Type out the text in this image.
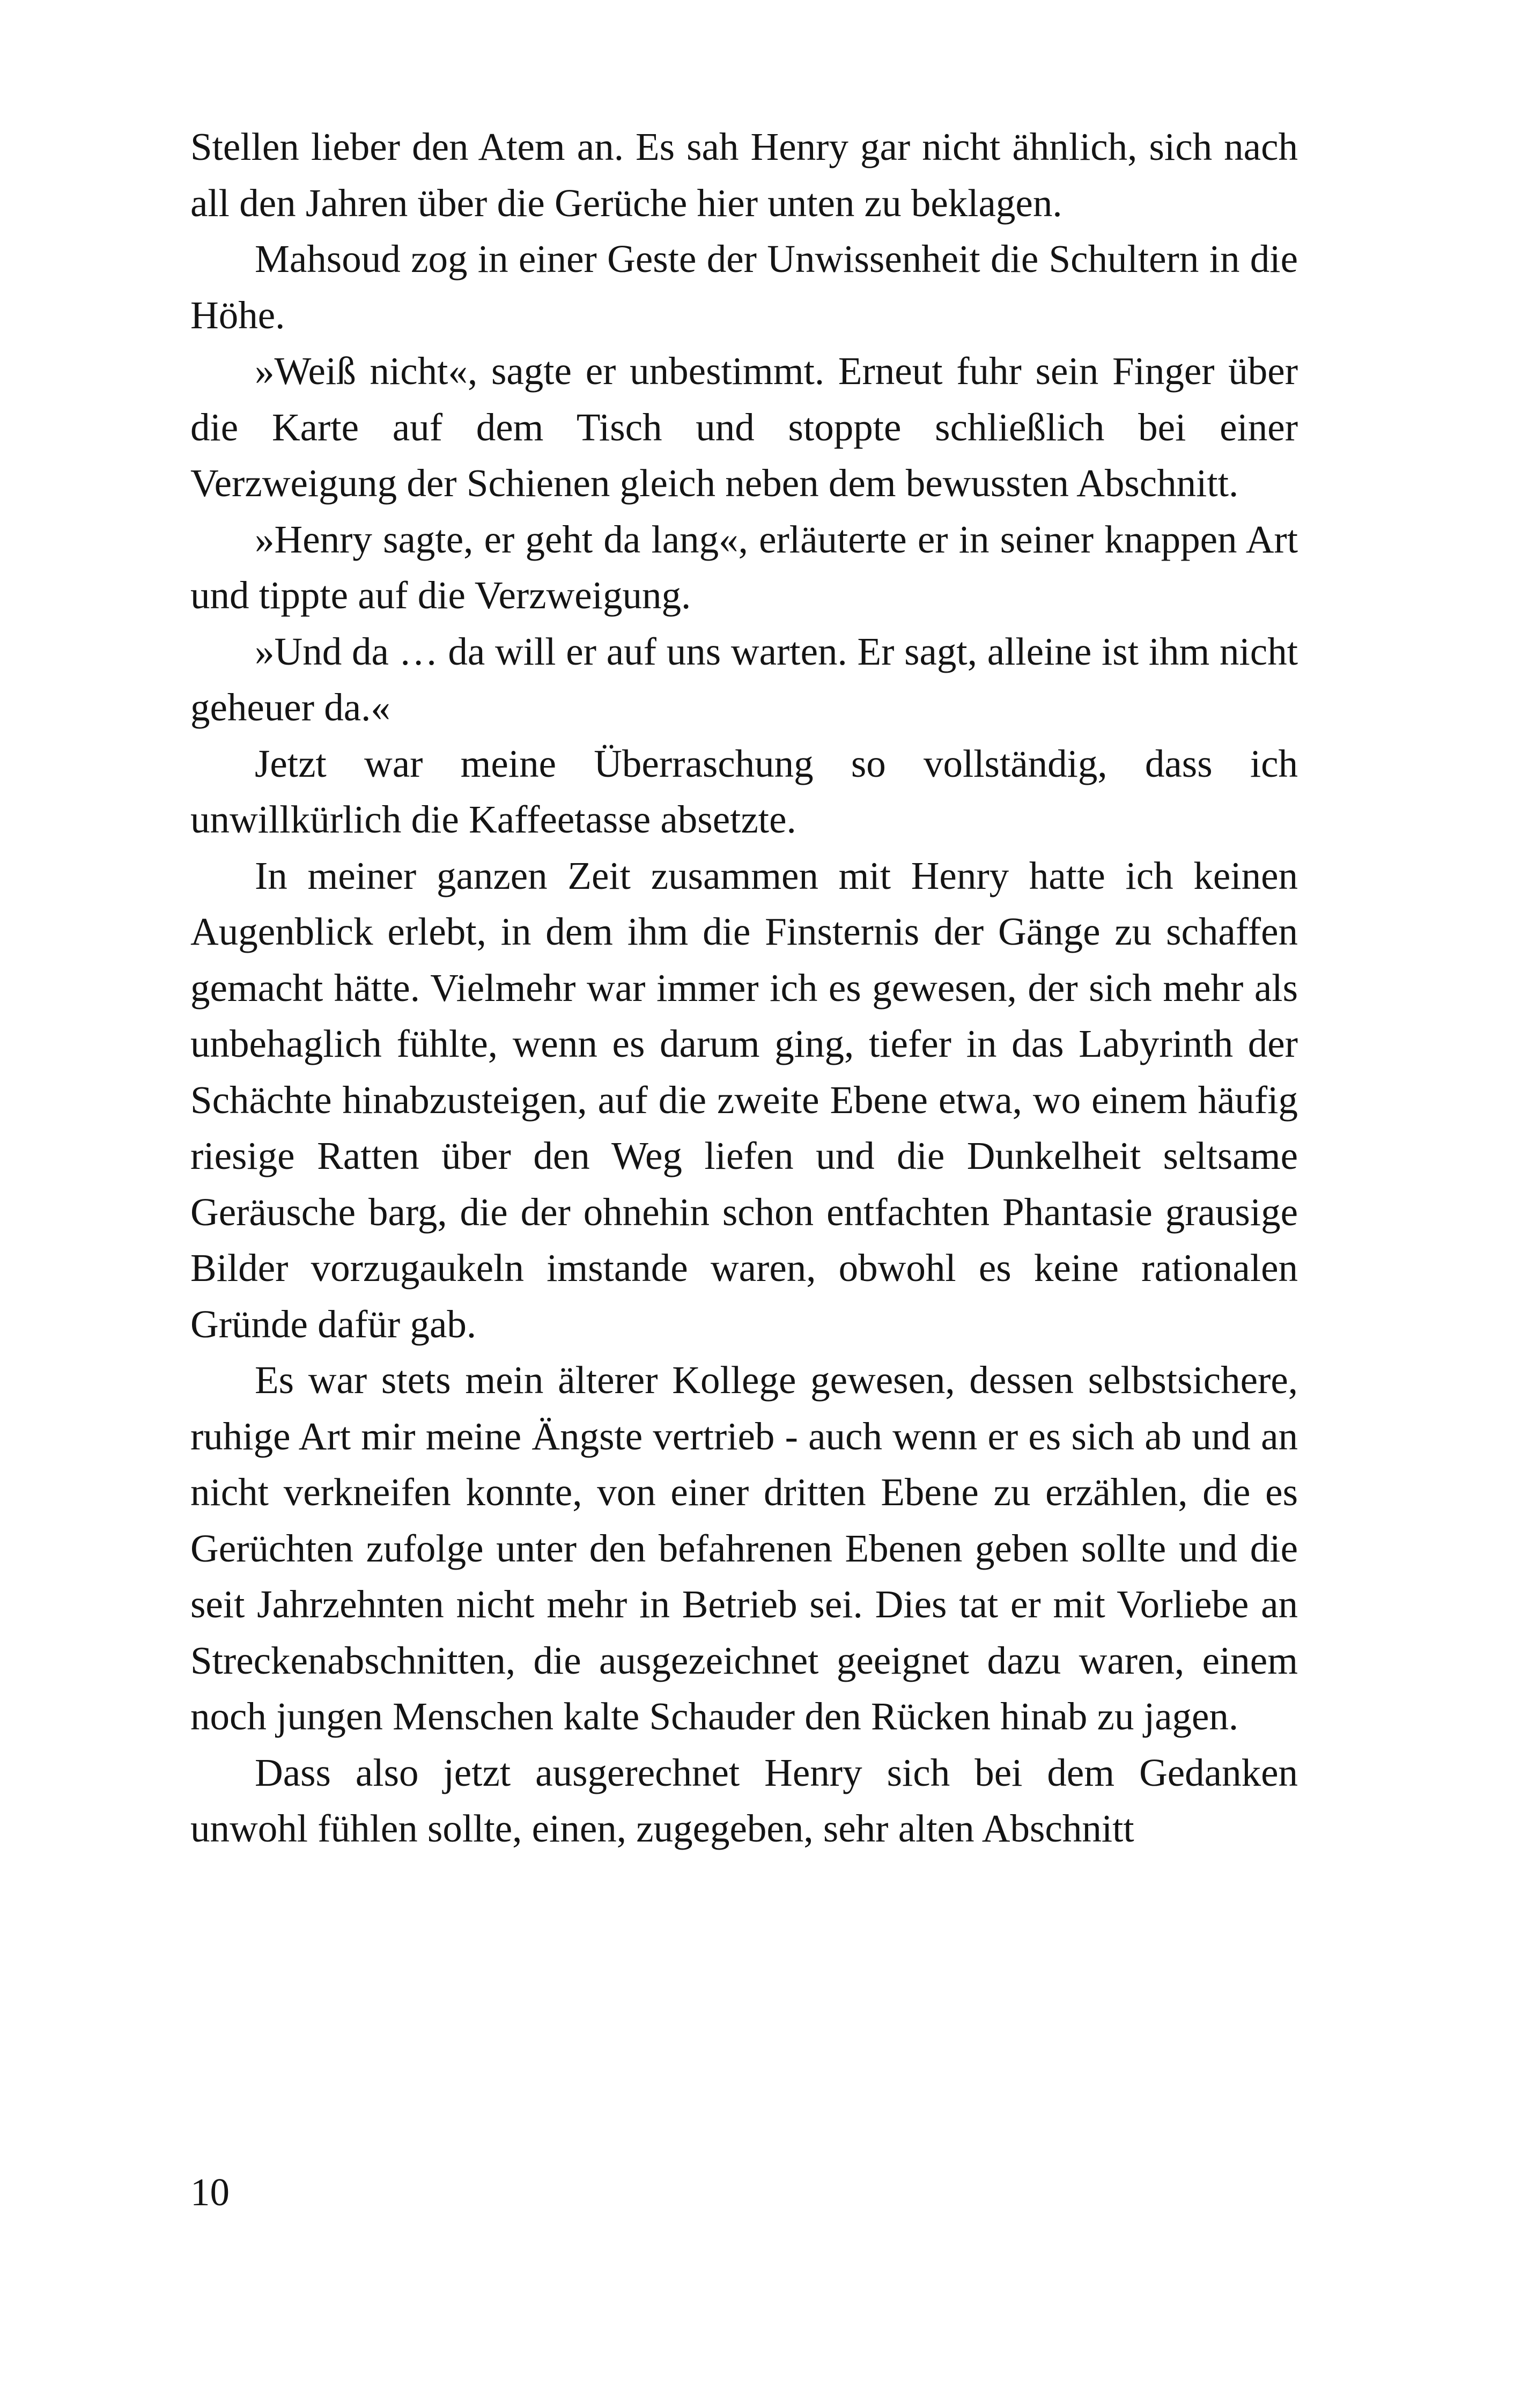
Stellen lieber den Atem an. Es sah Henry gar nicht ähnlich, sich nach all den Jahren über die Gerüche hier unten zu beklagen.

Mahsoud zog in einer Geste der Unwissenheit die Schultern in die Höhe.

»Weiß nicht«, sagte er unbestimmt. Erneut fuhr sein Finger über die Karte auf dem Tisch und stoppte schließlich bei einer Verzweigung der Schienen gleich neben dem bewussten Abschnitt.

»Henry sagte, er geht da lang«, erläuterte er in seiner knappen Art und tippte auf die Verzweigung.

»Und da … da will er auf uns warten. Er sagt, alleine ist ihm nicht geheuer da.«

Jetzt war meine Überraschung so vollständig, dass ich unwillkürlich die Kaffeetasse absetzte.

In meiner ganzen Zeit zusammen mit Henry hatte ich keinen Augenblick erlebt, in dem ihm die Finsternis der Gänge zu schaffen gemacht hätte. Vielmehr war immer ich es gewesen, der sich mehr als unbehaglich fühlte, wenn es darum ging, tiefer in das Labyrinth der Schächte hinabzusteigen, auf die zweite Ebene etwa, wo einem häufig riesige Ratten über den Weg liefen und die Dunkelheit seltsame Geräusche barg, die der ohnehin schon entfachten Phantasie grausige Bilder vorzugaukeln imstande waren, obwohl es keine rationalen Gründe dafür gab.

Es war stets mein älterer Kollege gewesen, dessen selbstsichere, ruhige Art mir meine Ängste vertrieb - auch wenn er es sich ab und an nicht verkneifen konnte, von einer dritten Ebene zu erzählen, die es Gerüchten zufolge unter den befahrenen Ebenen geben sollte und die seit Jahrzehnten nicht mehr in Betrieb sei. Dies tat er mit Vorliebe an Streckenabschnitten, die ausgezeichnet geeignet dazu waren, einem noch jungen Menschen kalte Schauder den Rücken hinab zu jagen.

Dass also jetzt ausgerechnet Henry sich bei dem Gedanken unwohl fühlen sollte, einen, zugegeben, sehr alten Abschnitt

10
